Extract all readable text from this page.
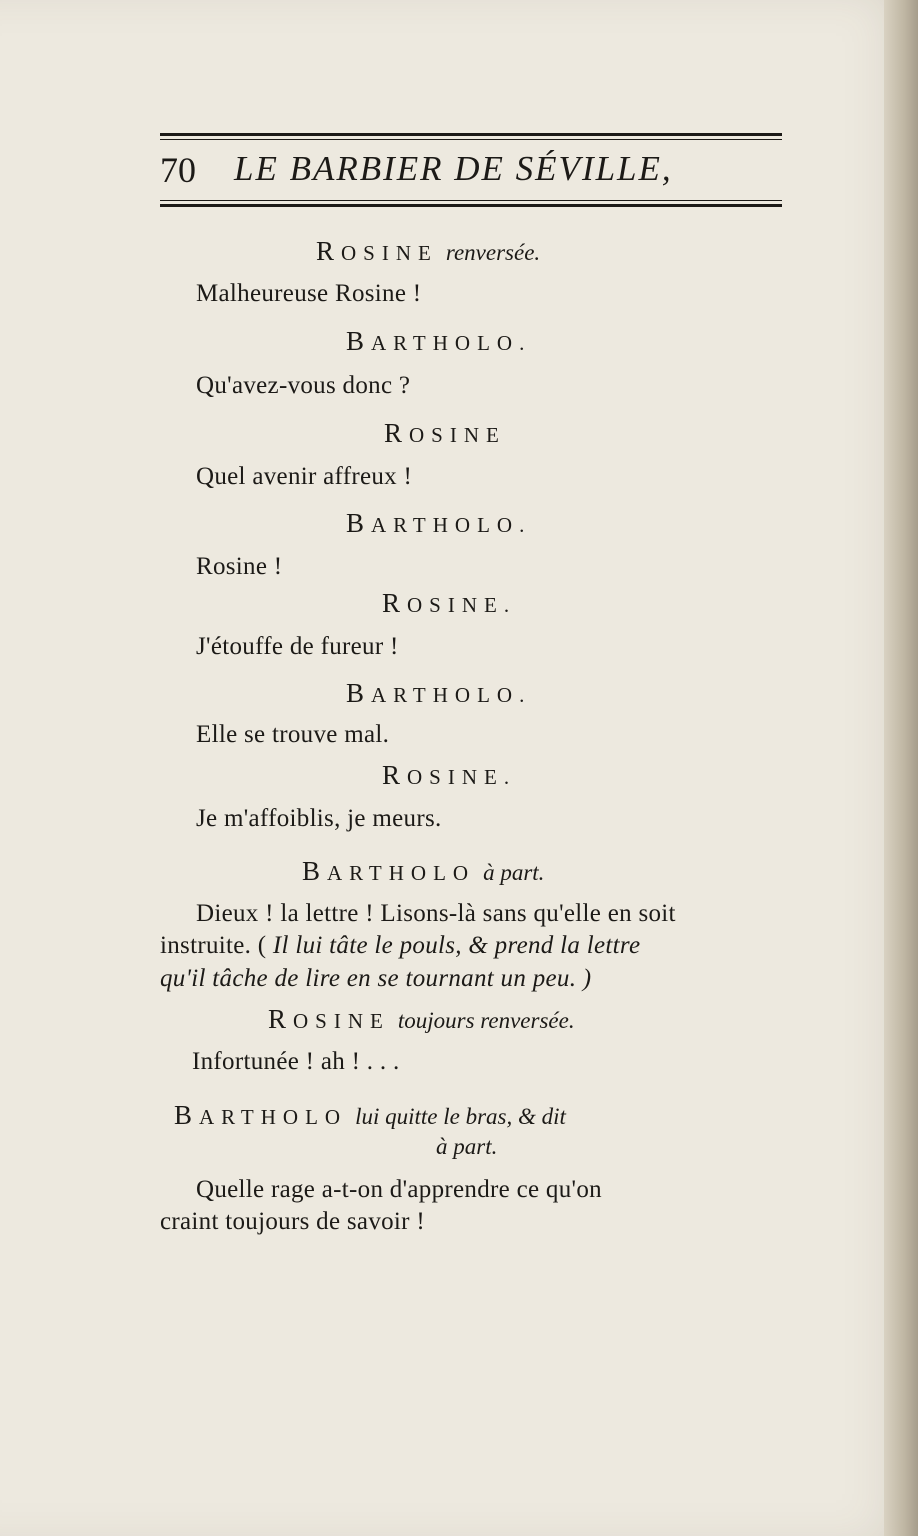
70 LE BARBIER DE SÉVILLE,
ROSINE renversée.
Malheureuse Rosine !
BARTHOLO.
Qu'avez-vous donc ?
ROSINE
Quel avenir affreux !
BARTHOLO.
Rosine !
ROSINE.
J'étouffe de fureur !
BARTHOLO.
Elle se trouve mal.
ROSINE.
Je m'affoiblis, je meurs.
BARTHOLO à part.
Dieux ! la lettre ! Lisons-là sans qu'elle en soit
instruite. ( Il lui tâte le pouls, & prend la lettre
qu'il tâche de lire en se tournant un peu. )
ROSINE toujours renversée.
Infortunée ! ah ! . . .
BARTHOLO lui quitte le bras, & dit
à part.
Quelle rage a-t-on d'apprendre ce qu'on
craint toujours de savoir !
